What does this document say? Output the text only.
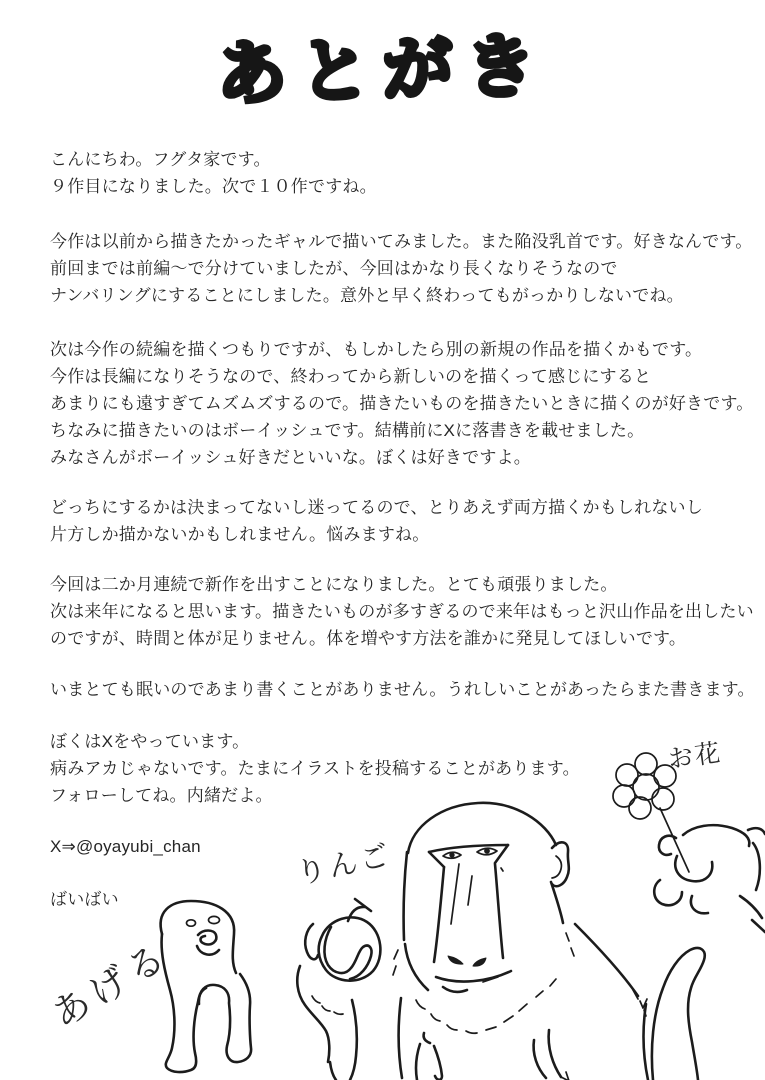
あとがき
こんにちわ。フグタ家です。
９作目になりました。次で１０作ですね。
今作は以前から描きたかったギャルで描いてみました。また陥没乳首です。好きなんです。
前回までは前編～で分けていましたが、今回はかなり長くなりそうなので
ナンバリングにすることにしました。意外と早く終わってもがっかりしないでね。
次は今作の続編を描くつもりですが、もしかしたら別の新規の作品を描くかもです。
今作は長編になりそうなので、終わってから新しいのを描くって感じにすると
あまりにも遠すぎてムズムズするので。描きたいものを描きたいときに描くのが好きです。
ちなみに描きたいのはボーイッシュです。結構前にXに落書きを載せました。
みなさんがボーイッシュ好きだといいな。ぼくは好きですよ。
どっちにするかは決まってないし迷ってるので、とりあえず両方描くかもしれないし
片方しか描かないかもしれません。悩みますね。
今回は二か月連続で新作を出すことになりました。とても頑張りました。
次は来年になると思います。描きたいものが多すぎるので来年はもっと沢山作品を出したい
のですが、時間と体が足りません。体を増やす方法を誰かに発見してほしいです。
いまとても眠いのであまり書くことがありません。うれしいことがあったらまた書きます。
ぼくはXをやっています。
病みアカじゃないです。たまにイラストを投稿することがあります。
フォローしてね。内緒だよ。
X⇒@oyayubi_chan
ばいばい
あげる
りんご
お花
